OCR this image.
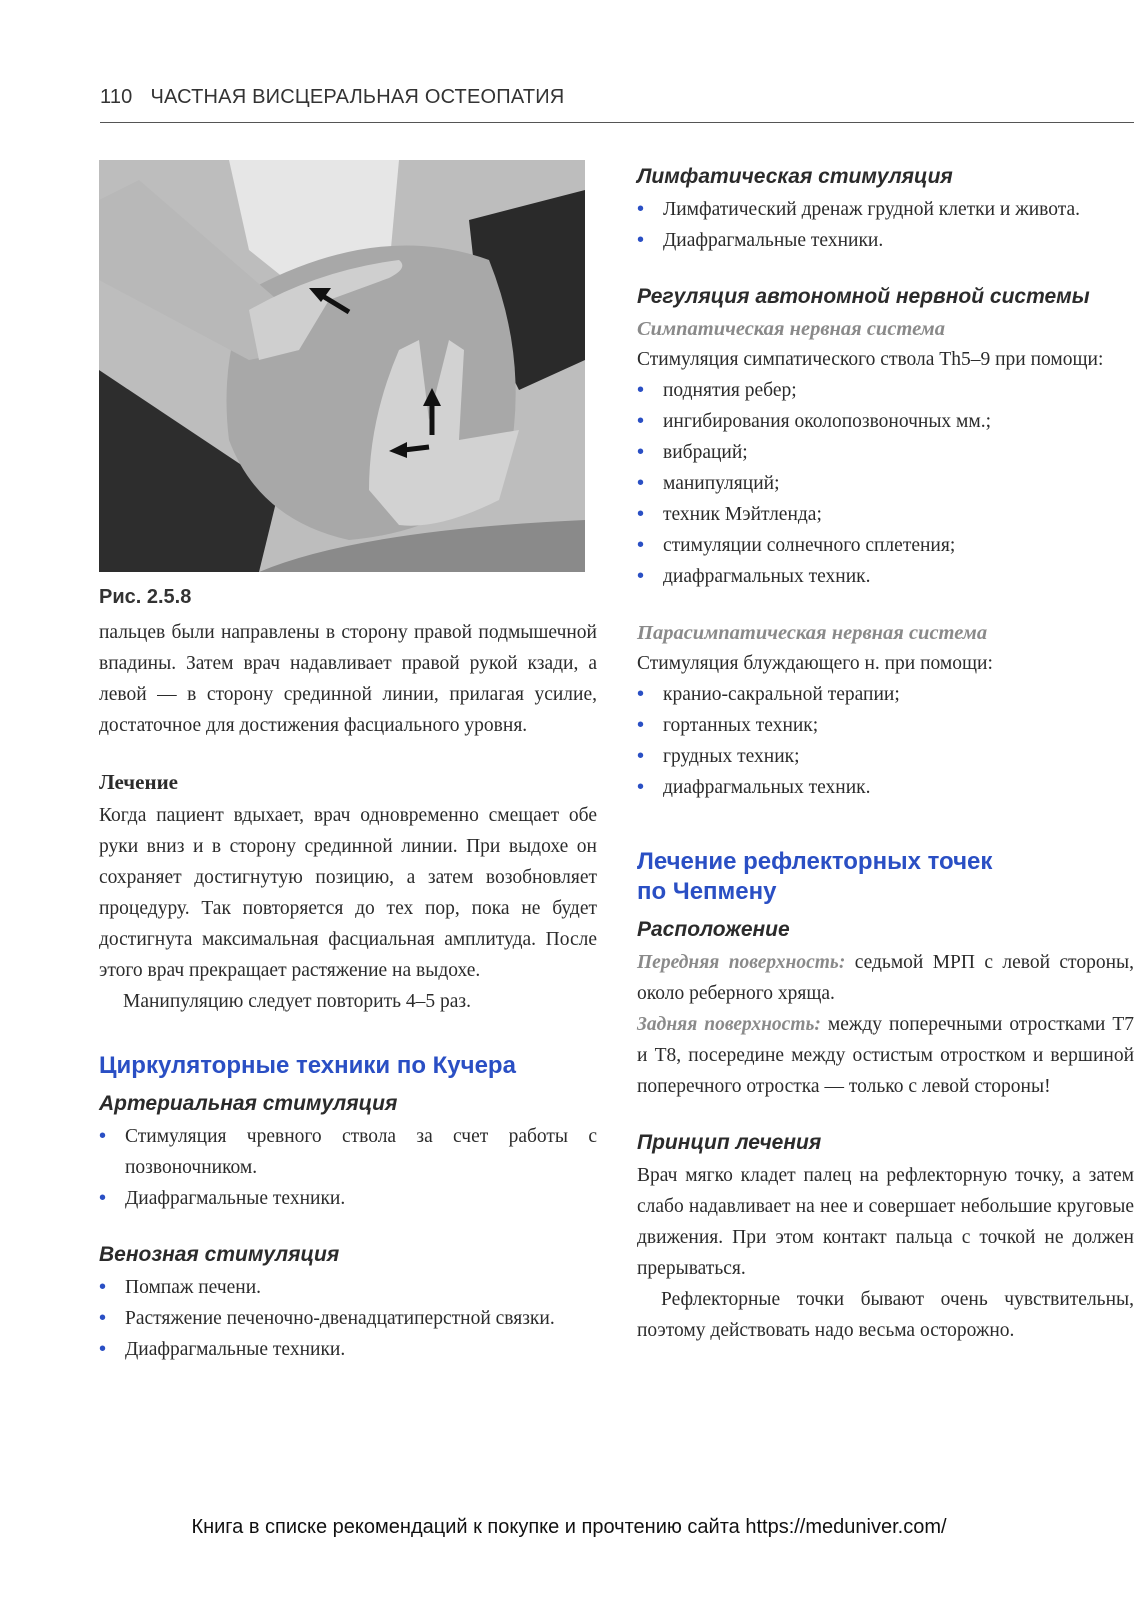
110 ЧАСТНАЯ ВИСЦЕРАЛЬНАЯ ОСТЕОПАТИЯ
Рис. 2.5.8

пальцев были направлены в сторону правой подмышечной впадины. Затем врач надавливает правой рукой кзади, а левой — в сторону срединной линии, прилагая усилие, достаточное для достижения фасциального уровня.

Лечение

Когда пациент вдыхает, врач одновременно смещает обе руки вниз и в сторону срединной линии. При выдохе он сохраняет достигнутую позицию, а затем возобновляет процедуру. Так повторяется до тех пор, пока не будет достигнута максимальная фасциальная амплитуда. После этого врач прекращает растяжение на выдохе.

Манипуляцию следует повторить 4–5 раз.

Циркуляторные техники по Кучера
Артериальная стимуляция
• Стимуляция чревного ствола за счет работы с позвоночником.
• Диафрагмальные техники.
Венозная стимуляция
• Помпаж печени.
• Растяжение печеночно-двенадцатиперстной связки.
• Диафрагмальные техники.
Лимфатическая стимуляция
• Лимфатический дренаж грудной клетки и живота.
• Диафрагмальные техники.
Регуляция автономной нервной системы
Симпатическая нервная система

Стимуляция симпатического ствола Th5–9 при помощи:

• поднятия ребер;
• ингибирования околопозвоночных мм.;
• вибраций;
• манипуляций;
• техник Мэйтленда;
• стимуляции солнечного сплетения;
• диафрагмальных техник.
Парасимпатическая нервная система

Стимуляция блуждающего н. при помощи:

• кранио-сакральной терапии;
• гортанных техник;
• грудных техник;
• диафрагмальных техник.
Лечение рефлекторных точек
по Чепмену
Расположение

Передняя поверхность: седьмой МРП с левой стороны, около реберного хряща.

Задняя поверхность: между поперечными отростками Т7 и Т8, посередине между остистым отростком и вершиной поперечного отростка — только с левой стороны!

Принцип лечения

Врач мягко кладет палец на рефлекторную точку, а затем слабо надавливает на нее и совершает небольшие круговые движения. При этом контакт пальца с точкой не должен прерываться.

Рефлекторные точки бывают очень чувствительны, поэтому действовать надо весьма осторожно.

Книга в списке рекомендаций к покупке и прочтению сайта https://meduniver.com/
